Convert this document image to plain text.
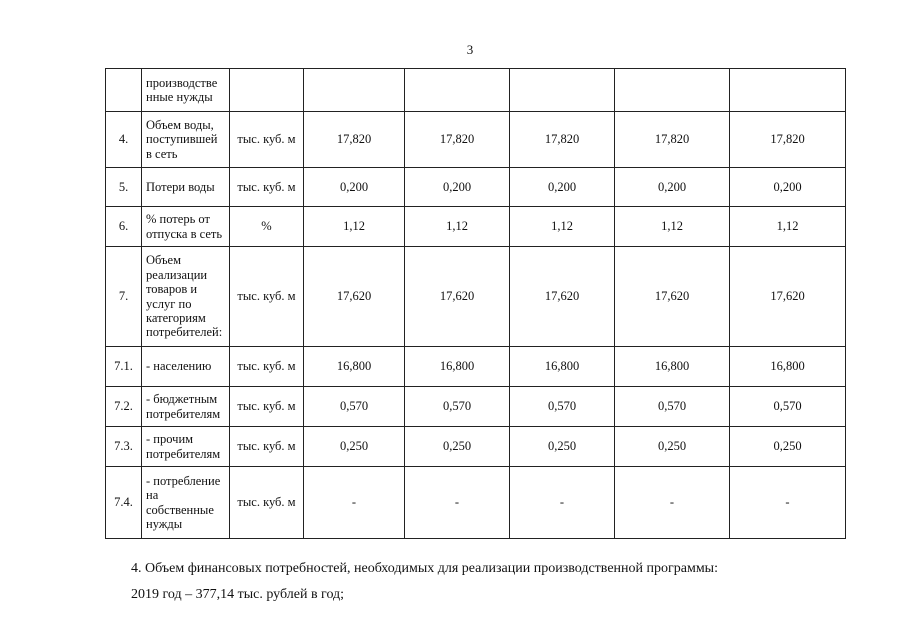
3
	производстве нные нужды						
4.	Объем воды, поступившей в сеть	тыс. куб. м	17,820	17,820	17,820	17,820	17,820
5.	Потери воды	тыс. куб. м	0,200	0,200	0,200	0,200	0,200
6.	% потерь от отпуска в сеть	%	1,12	1,12	1,12	1,12	1,12
7.	Объем реализации товаров и услуг по категориям потребителей:	тыс. куб. м	17,620	17,620	17,620	17,620	17,620
7.1.	- населению	тыс. куб. м	16,800	16,800	16,800	16,800	16,800
7.2.	- бюджетным потребителям	тыс. куб. м	0,570	0,570	0,570	0,570	0,570
7.3.	- прочим потребителям	тыс. куб. м	0,250	0,250	0,250	0,250	0,250
7.4.	- потребление на собственные нужды	тыс. куб. м	-	-	-	-	-
4. Объем финансовых потребностей, необходимых для реализации производственной программы:
2019 год – 377,14 тыс. рублей в год;
